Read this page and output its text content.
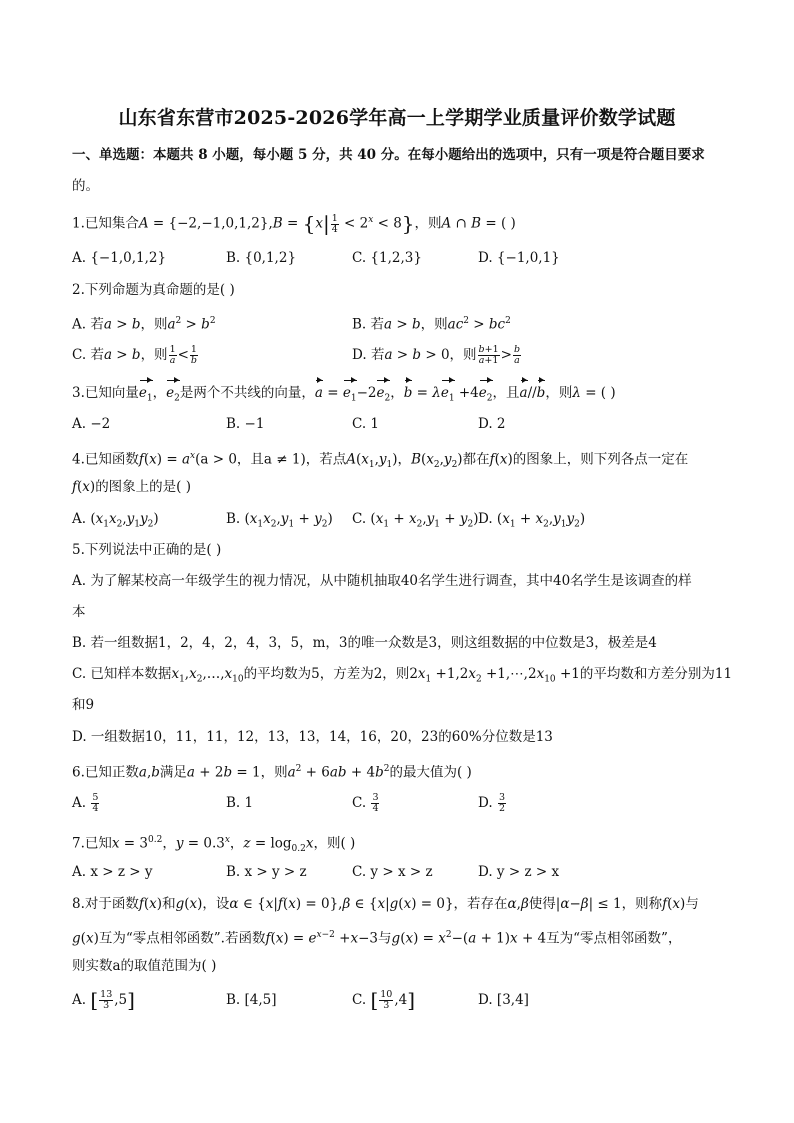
山东省东营市2025-2026学年高一上学期学业质量评价数学试题
一、单选题：本题共 8 小题，每小题 5 分，共 40 分。在每小题给出的选项中，只有一项是符合题目要求
的。
1.已知集合$A = \{-2,-1,0,1,2\},B = \{x| \frac{1}{4} < 2^x < 8\}$，则A ∩ B = ( )
A. {−1,0,1,2}	B. {0,1,2}	C. {1,2,3}	D. {−1,0,1}
2.下列命题为真命题的是( )
A. 若a > b，则$a^2 > b^2$	B. 若a > b，则$ac^2 > bc^2$
C. 若a > b，则 $\frac{1}{a} < \frac{1}{b}$	D. 若a > b > 0，则 $\frac{b+1}{a+1} > \frac{b}{a}$
3.已知向量$e_1$，$e_2$是两个不共线的向量，$a = e_1-2e_2$，$b = \lambda e_1 +4e_2$，且a//b，则λ = ( )
A. −2	B. −1	C. 1	D. 2
4.已知函数$f(x) = a^x(a > 0$，且a ≠ 1)，若点$A(x_1,y_1)$，$B(x_2,y_2)$都在f(x)的图象上，则下列各点一定在
f(x)的图象上的是( )
A. $(x_1x_2,y_1y_2)$	B. $(x_1x_2,y_1 + y_2)$ C. $(x_1 + x_2,y_1 + y_2)$ D. $(x_1 + x_2,y_1y_2)$
5.下列说法中正确的是( )
A. 为了解某校高一年级学生的视力情况，从中随机抽取40名学生进行调查，其中40名学生是该调查的样
本
B. 若一组数据1，2，4，2，4，3，5，m，3的唯一众数是3，则这组数据的中位数是3，极差是4
C. 已知样本数据$x_1,x_2,\dots,x_{10}$的平均数为5，方差为2，则$2x_1 +1,2x_2$ $+1,\cdots,2x_{10} +1$的平均数和方差分别为11
和9
D. 一组数据10，11，11，12，13，13，14，16，20，23的60%分位数是13
6.已知正数a,b满足a + 2b = 1，则$a^2 + 6ab + 4b^2$的最大值为( )
A. $\frac{5}{4}$	B. 1	C. $\frac{3}{4}$	D. $\frac{3}{2}$
7.已知$x = 3^{0.2}$，$y = 0.3^x$，$z = \log_{0.2}x$，则( )
A. x > z > y	B. x > y > z	C. y > x > z	D. y > z > x
8.对于函数f(x)和g(x)，设α ∈ {x|f(x) = 0},β ∈ {x|g(x) = 0}，若存在α,β使得|α−β| ≤ 1，则称f(x)与
g(x)互为“零点相邻函数”.若函数$f(x) = e^{x-2} +x-3$与$g(x) = x^2-(a + 1)x + 4$互为“零点相邻函数”，
则实数a的取值范围为( )
A. [ $\frac{13}{3} ,5$]	B. [4,5]	C. [ $\frac{10}{3} ,4$]	D. [3,4]
